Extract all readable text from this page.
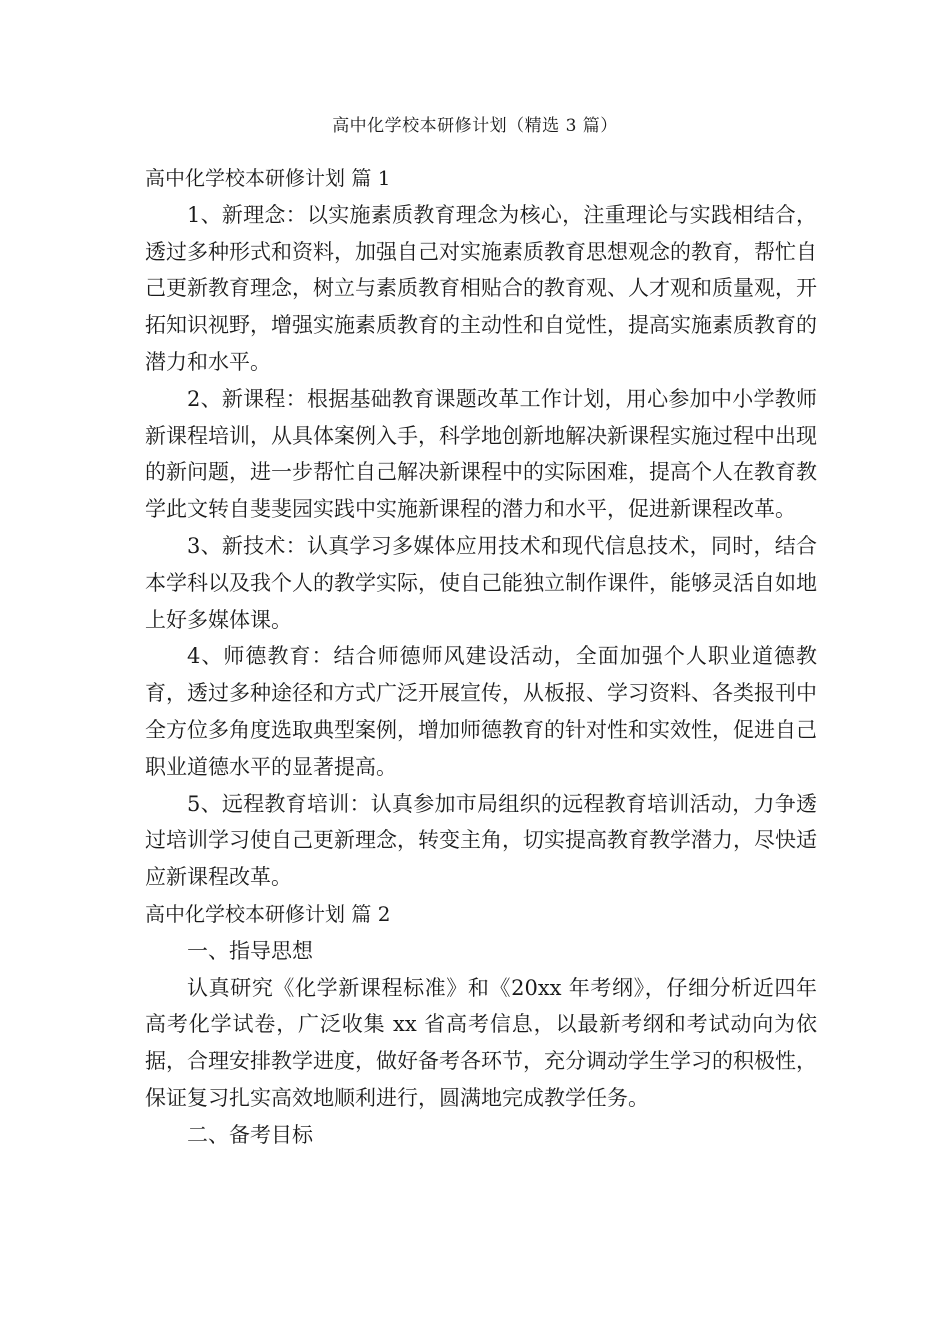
高中化学校本研修计划（精选 3 篇）
高中化学校本研修计划 篇 1

1、新理念：以实施素质教育理念为核心，注重理论与实践相结合，透过多种形式和资料，加强自己对实施素质教育思想观念的教育，帮忙自己更新教育理念，树立与素质教育相贴合的教育观、人才观和质量观，开拓知识视野，增强实施素质教育的主动性和自觉性，提高实施素质教育的潜力和水平。

2、新课程：根据基础教育课题改革工作计划，用心参加中小学教师新课程培训，从具体案例入手，科学地创新地解决新课程实施过程中出现的新问题，进一步帮忙自己解决新课程中的实际困难，提高个人在教育教学此文转自斐斐园实践中实施新课程的潜力和水平，促进新课程改革。

3、新技术：认真学习多媒体应用技术和现代信息技术，同时，结合本学科以及我个人的教学实际，使自己能独立制作课件，能够灵活自如地上好多媒体课。

4、师德教育：结合师德师风建设活动，全面加强个人职业道德教育，透过多种途径和方式广泛开展宣传，从板报、学习资料、各类报刊中全方位多角度选取典型案例，增加师德教育的针对性和实效性，促进自己职业道德水平的显著提高。

5、远程教育培训：认真参加市局组织的远程教育培训活动，力争透过培训学习使自己更新理念，转变主角，切实提高教育教学潜力，尽快适应新课程改革。

高中化学校本研修计划 篇 2

一、指导思想

认真研究《化学新课程标准》和《20xx 年考纲》，仔细分析近四年高考化学试卷，广泛收集 xx 省高考信息，以最新考纲和考试动向为依据，合理安排教学进度，做好备考各环节，充分调动学生学习的积极性，保证复习扎实高效地顺利进行，圆满地完成教学任务。

二、备考目标
